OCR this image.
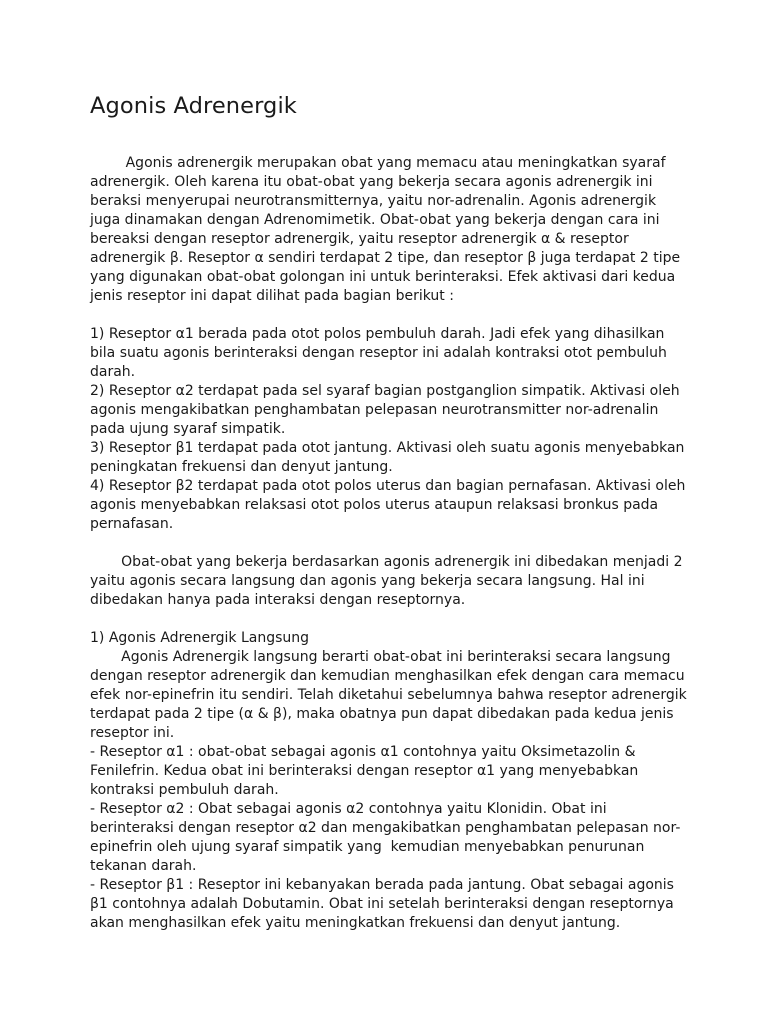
Agonis Adrenergik

Agonis adrenergik merupakan obat yang memacu atau meningkatkan syaraf adrenergik. Oleh karena itu obat-obat yang bekerja secara agonis adrenergik ini beraksi menyerupai neurotransmitternya, yaitu nor-adrenalin. Agonis adrenergik juga dinamakan dengan Adrenomimetik. Obat-obat yang bekerja dengan cara ini bereaksi dengan reseptor adrenergik, yaitu reseptor adrenergik α & reseptor adrenergik β. Reseptor α sendiri terdapat 2 tipe, dan reseptor β juga terdapat 2 tipe yang digunakan obat-obat golongan ini untuk berinteraksi. Efek aktivasi dari kedua jenis reseptor ini dapat dilihat pada bagian berikut :

1) Reseptor α1 berada pada otot polos pembuluh darah. Jadi efek yang dihasilkan bila suatu agonis berinteraksi dengan reseptor ini adalah kontraksi otot pembuluh darah.
2) Reseptor α2 terdapat pada sel syaraf bagian postganglion simpatik. Aktivasi oleh agonis mengakibatkan penghambatan pelepasan neurotransmitter nor-adrenalin pada ujung syaraf simpatik.
3) Reseptor β1 terdapat pada otot jantung. Aktivasi oleh suatu agonis menyebabkan peningkatan frekuensi dan denyut jantung.
4) Reseptor β2 terdapat pada otot polos uterus dan bagian pernafasan. Aktivasi oleh agonis menyebabkan relaksasi otot polos uterus ataupun relaksasi bronkus pada pernafasan.

Obat-obat yang bekerja berdasarkan agonis adrenergik ini dibedakan menjadi 2 yaitu agonis secara langsung dan agonis yang bekerja secara langsung. Hal ini dibedakan hanya pada interaksi dengan reseptornya.

1) Agonis Adrenergik Langsung

Agonis Adrenergik langsung berarti obat-obat ini berinteraksi secara langsung dengan reseptor adrenergik dan kemudian menghasilkan efek dengan cara memacu efek nor-epinefrin itu sendiri. Telah diketahui sebelumnya bahwa reseptor adrenergik terdapat pada 2 tipe (α & β), maka obatnya pun dapat dibedakan pada kedua jenis reseptor ini.

- Reseptor α1 : obat-obat sebagai agonis α1 contohnya yaitu Oksimetazolin & Fenilefrin. Kedua obat ini berinteraksi dengan reseptor α1 yang menyebabkan kontraksi pembuluh darah.
- Reseptor α2 : Obat sebagai agonis α2 contohnya yaitu Klonidin. Obat ini berinteraksi dengan reseptor α2 dan mengakibatkan penghambatan pelepasan nor-epinefrin oleh ujung syaraf simpatik yang  kemudian menyebabkan penurunan tekanan darah.
- Reseptor β1 : Reseptor ini kebanyakan berada pada jantung. Obat sebagai agonis β1 contohnya adalah Dobutamin. Obat ini setelah berinteraksi dengan reseptornya akan menghasilkan efek yaitu meningkatkan frekuensi dan denyut jantung.
